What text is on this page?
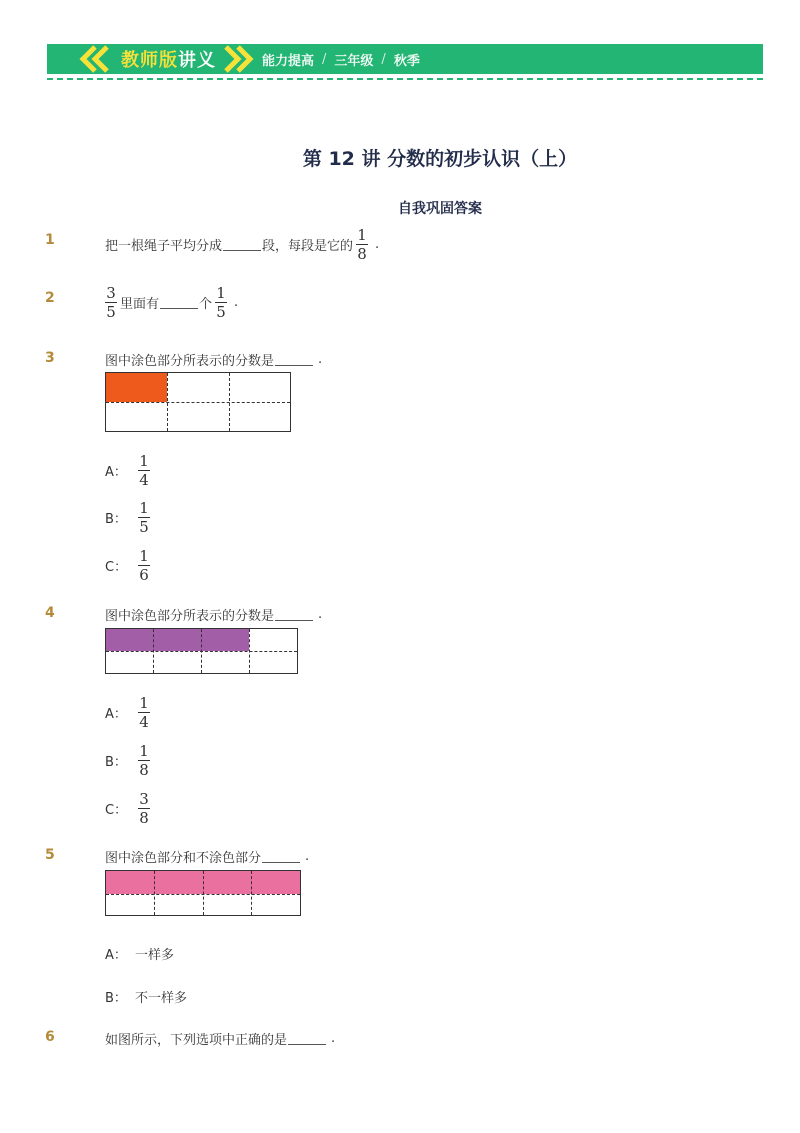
教师版讲义	能力提高 / 三年级 / 秋季
第 12 讲 分数的初步认识（上）
自我巩固答案
1	把一根绳子平均分成	段，每段是它的 $\frac{1}{8}$ .
2	$\frac{3}{5}$ 里面有	个 $\frac{1}{5}$ .
3	图中涂色部分所表示的分数是	.
A： $\frac{1}{4}$
B： $\frac{1}{5}$
C： $\frac{1}{6}$
4	图中涂色部分所表示的分数是	.
A： $\frac{1}{4}$
B： $\frac{1}{8}$
C： $\frac{3}{8}$
5	图中涂色部分和不涂色部分	.
A： 一样多
B： 不一样多
6	如图所示，下列选项中正确的是	.
